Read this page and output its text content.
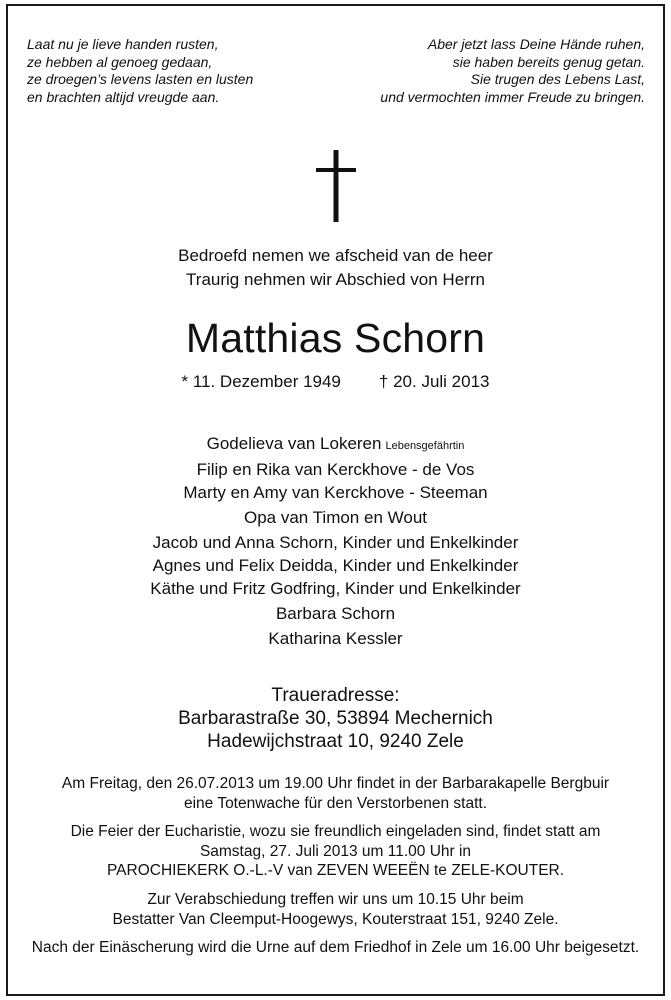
Laat nu je lieve handen rusten,
ze hebben al genoeg gedaan,
ze droegen’s levens lasten en lusten
en brachten altijd vreugde aan.
Aber jetzt lass Deine Hände ruhen,
sie haben bereits genug getan.
Sie trugen des Lebens Last,
und vermochten immer Freude zu bringen.
Bedroefd nemen we afscheid van de heer
Traurig nehmen wir Abschied von Herrn
Matthias Schorn
* 11. Dezember 1949 † 20. Juli 2013
Godelieva van Lokeren Lebensgefährtin
Filip en Rika van Kerckhove - de Vos
Marty en Amy van Kerckhove - Steeman
Opa van Timon en Wout
Jacob und Anna Schorn, Kinder und Enkelkinder
Agnes und Felix Deidda, Kinder und Enkelkinder
Käthe und Fritz Godfring, Kinder und Enkelkinder
Barbara Schorn
Katharina Kessler
Traueradresse:
Barbarastraße 30, 53894 Mechernich
Hadewijchstraat 10, 9240 Zele
Am Freitag, den 26.07.2013 um 19.00 Uhr findet in der Barbarakapelle Bergbuir
eine Totenwache für den Verstorbenen statt.
Die Feier der Eucharistie, wozu sie freundlich eingeladen sind, findet statt am
Samstag, 27. Juli 2013 um 11.00 Uhr in
PAROCHIEKERK O.-L.-V van ZEVEN WEEËN te ZELE-KOUTER.
Zur Verabschiedung treffen wir uns um 10.15 Uhr beim
Bestatter Van Cleemput-Hoogewys, Kouterstraat 151, 9240 Zele.
Nach der Einäscherung wird die Urne auf dem Friedhof in Zele um 16.00 Uhr beigesetzt.
